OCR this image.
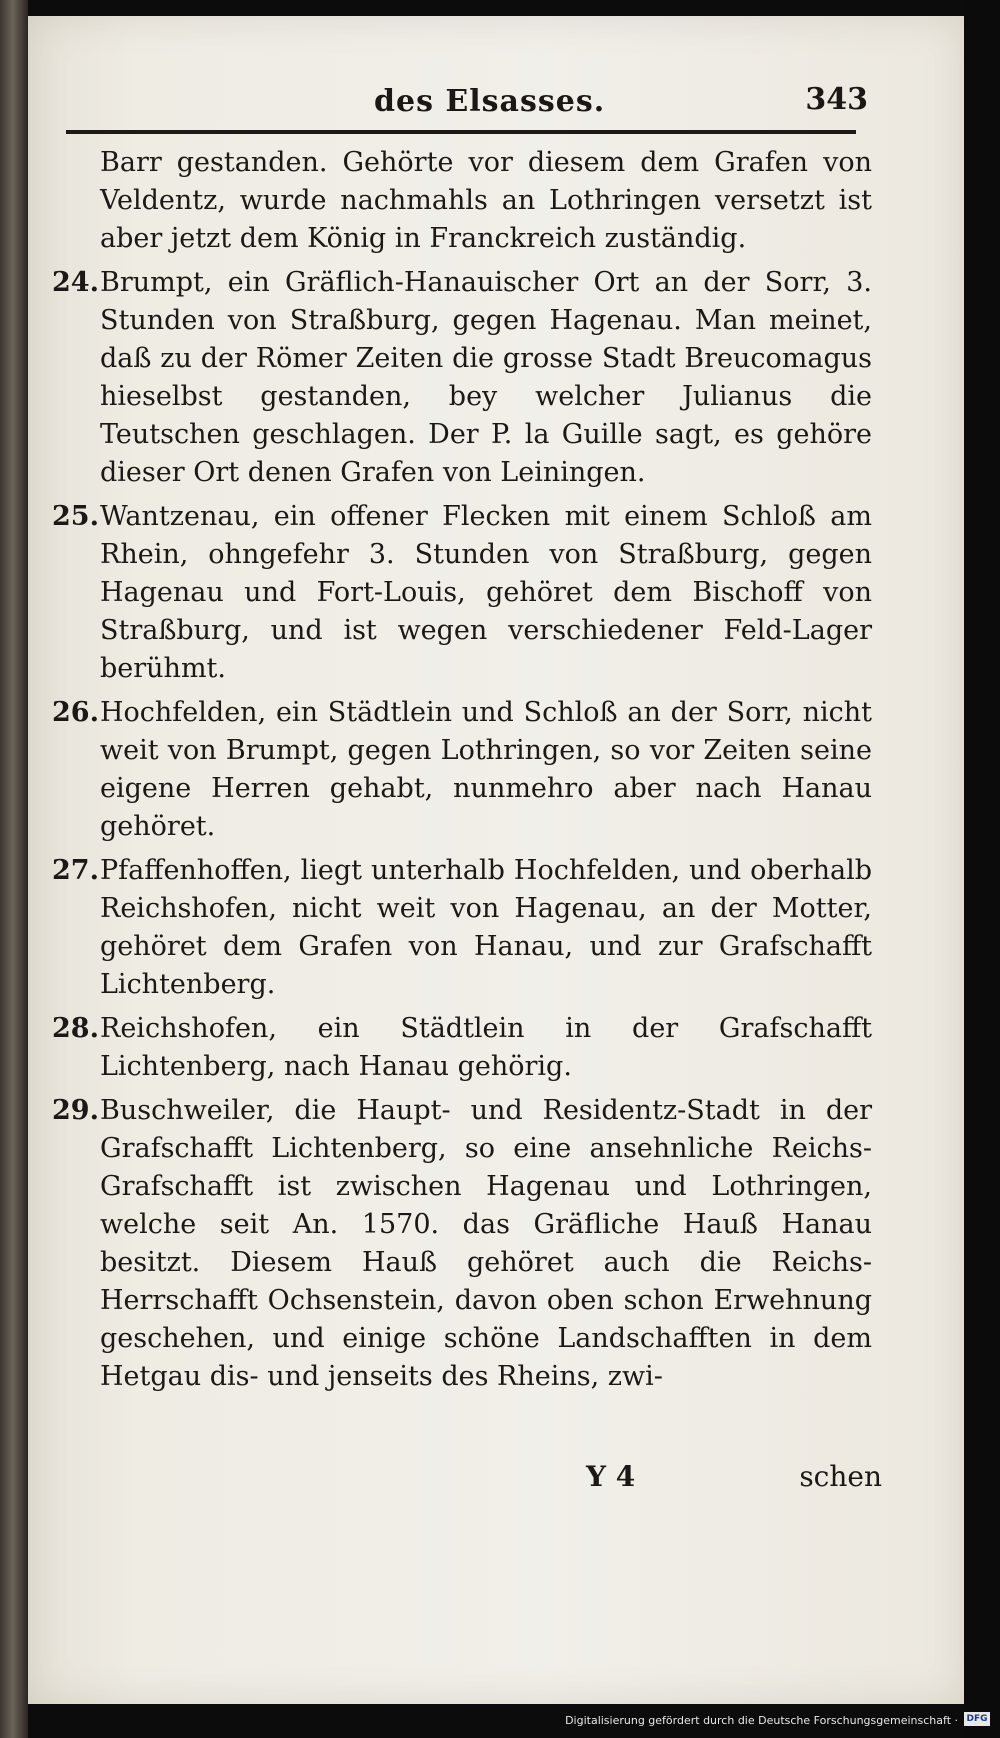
des Elsasses.	343
Barr gestanden. Gehörte vor diesem dem Grafen von Veldentz, wurde nachmahls an Lothringen versetzt ist aber jetzt dem König in Franckreich zuständig.
24. Brumpt, ein Gräflich-Hanauischer Ort an der Sorr, 3. Stunden von Straßburg, gegen Hagenau. Man meinet, daß zu der Römer Zeiten die grosse Stadt Breucomagus hieselbst gestanden, bey welcher Julianus die Teutschen geschlagen. Der P. la Guille sagt, es gehöre dieser Ort denen Grafen von Leiningen.
25. Wantzenau, ein offener Flecken mit einem Schloß am Rhein, ohngefehr 3. Stunden von Straßburg, gegen Hagenau und Fort-Louis, gehöret dem Bischoff von Straßburg, und ist wegen verschiedener Feld-Lager berühmt.
26. Hochfelden, ein Städtlein und Schloß an der Sorr, nicht weit von Brumpt, gegen Lothringen, so vor Zeiten seine eigene Herren gehabt, nunmehro aber nach Hanau gehöret.
27. Pfaffenhoffen, liegt unterhalb Hochfelden, und oberhalb Reichshofen, nicht weit von Hagenau, an der Motter, gehöret dem Grafen von Hanau, und zur Grafschafft Lichtenberg.
28. Reichshofen, ein Städtlein in der Grafschafft Lichtenberg, nach Hanau gehörig.
29. Buschweiler, die Haupt- und Residentz-Stadt in der Grafschafft Lichtenberg, so eine ansehnliche Reichs-Grafschafft ist zwischen Hagenau und Lothringen, welche seit An. 1570. das Gräfliche Hauß Hanau besitzt. Diesem Hauß gehöret auch die Reichs-Herrschafft Ochsenstein, davon oben schon Erwehnung geschehen, und einige schöne Landschafften in dem Hetgau dis- und jenseits des Rheins, zwi-
Y 4	schen
Digitalisierung gefördert durch die Deutsche Forschungsgemeinschaft · DFG
